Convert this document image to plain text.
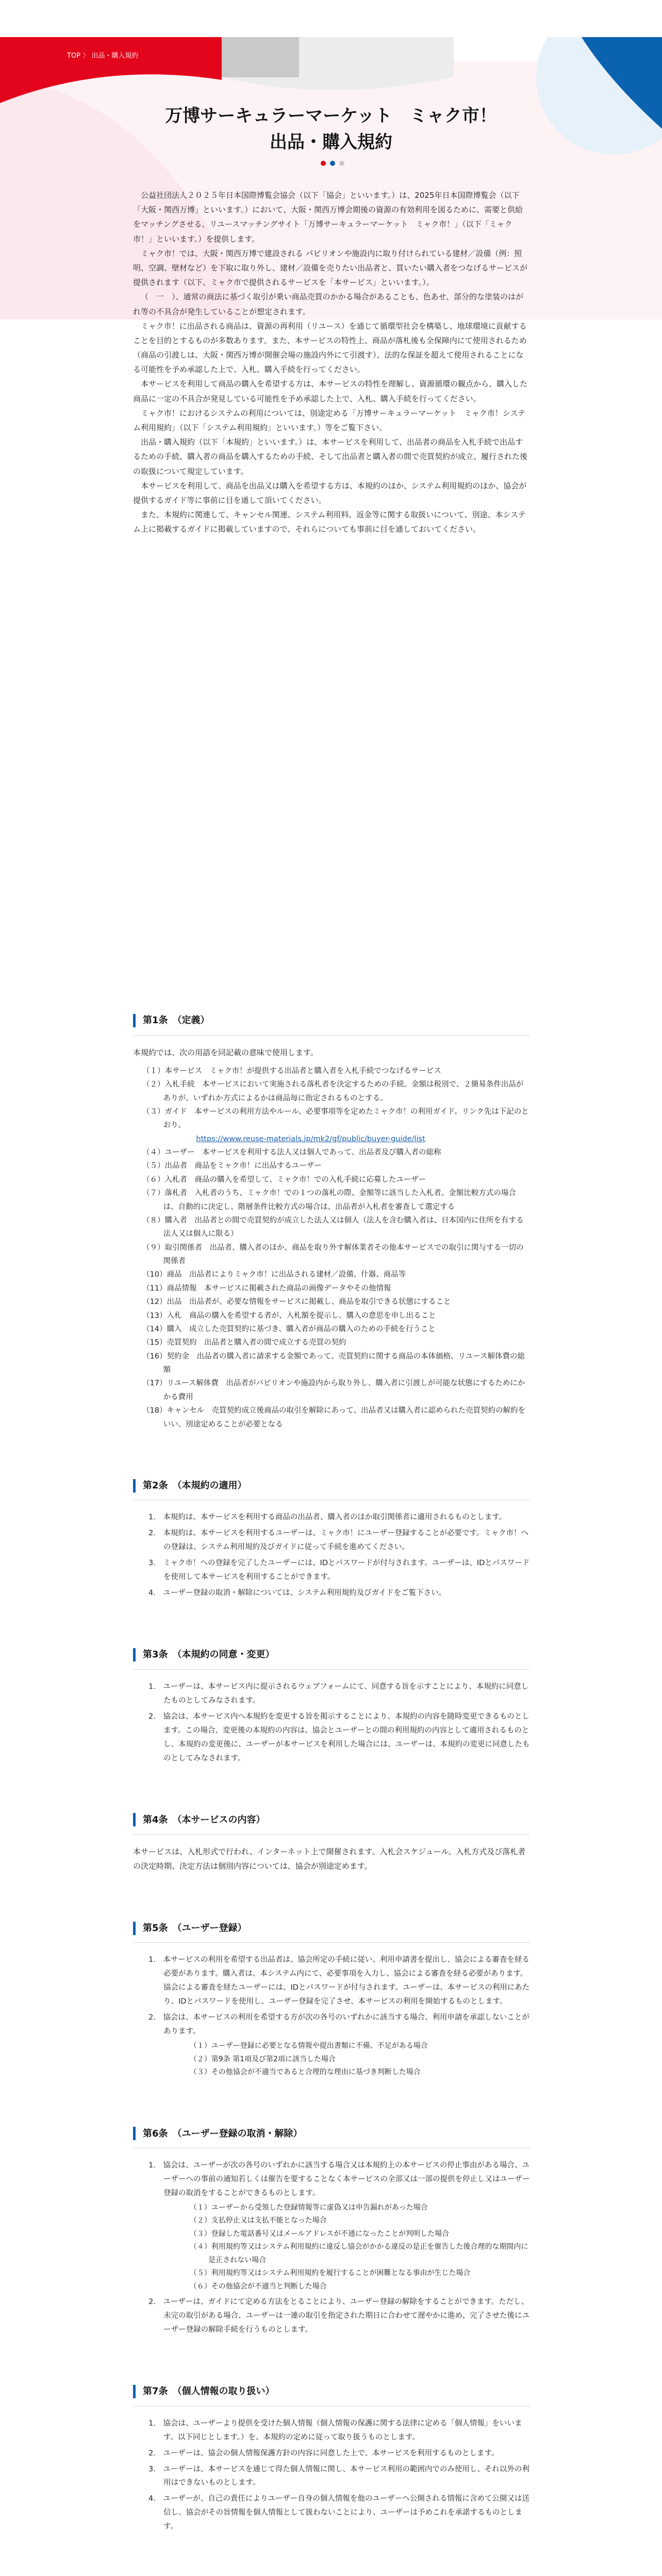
TOP 〉 出品・購入規約
万博サーキュラーマーケット　ミャク市！
出品・購入規約

公益社団法人２０２５年日本国際博覧会協会（以下「協会」といいます。）は、2025年日本国際博覧会（以下「大阪・関西万博」といいます。）において、大阪・関西万博会期後の資源の有効利用を図るために、需要と供給をマッチングさせる、リユースマッチングサイト「万博サーキュラーマーケット　ミャク市！」（以下「ミャク市！」といいます。）を提供します。

ミャク市！では、大阪・関西万博で建設される パビリオンや施設内に取り付けられている建材／設備（例：照明、空調、壁材など）を下取に取り外し、建材／設備を売りたい出品者と、買いたい購入者をつなげるサービスが提供されます（以下、ミャク市で提供されるサービスを「本サービス」といいます。）。

（　一　）、通常の商法に基づく取引が乗い商品売買のかかる場合があることも、色あせ、部分的な塗装のはがれ等の不具合が発生していることが想定されます。

ミャク市！に出品される商品は、資源の再利用（リユース）を通じて循環型社会を構築し、地球環境に貢献することを目的とするものが多数あります。また、本サービスの特性上、商品が落札後も全保障内にて使用されるため（商品の引渡しは、大阪・関西万博が開催会場の施設内外にて引渡す）、法的な保証を超えて使用されることになる可能性を予め承認した上で、入札、購入手続を行ってください。

本サービスを利用して商品の購入を希望する方は、本サービスの特性を理解し、資源循環の観点から、購入した商品に一定の不具合が発見している可能性を予め承認した上で、入札、購入手続を行ってください。

ミャク市！におけるシステムの利用については、別途定める「万博サーキュラーマーケット　ミャク市！システム利用規約」（以下「システム利用規約」といいます。）等をご覧下さい。

出品・購入規約（以下「本規約」といいます。）は、本サービスを利用して、出品者の商品を入札手続で出品するための手続、購入者の商品を購入するための手続、そして出品者と購入者の間で売買契約が成立、履行された後の取扱について規定しています。

本サービスを利用して、商品を出品又は購入を希望する方は、本規約のほか、システム利用規約のほか、協会が提供するガイド等に事前に目を通して頂いてください。

また、本規約に関連して、キャンセル関連、システム利用料、返金等に関する取扱いについて、別途、本システム上に掲載するガイドに掲載していますので、それらについても事前に目を通しておいてください。

第1条　（定義）

本規約では、次の用語を同記載の意味で使用します。

（１）本サービス　ミャク市！が提供する出品者と購入者を入札手続でつなげるサービス
（２）入札手続　本サービスにおいて実施される落札者を決定するための手続。金額は税別で、２簡易条件出品がありが、いずれか方式によるかは商品毎に指定されるものとする。
（３）ガイド　本サービスの利用方法やルール、必要事項等を定めたミャク市！の利用ガイド。リンク先は下記のとおり。
https://www.reuse-materials.jp/mk2/gf/public/buyer-guide/list
（４）ユーザー　本サービスを利用する法人又は個人であって、出品者及び購入者の総称
（５）出品者　商品をミャク市！に出品するユーザー
（６）入札者　商品の購入を希望して、ミャク市！での入札手続に応募したユーザー
（７）落札者　入札者のうち、ミャク市！での１つの落札の際、金額等に該当した入札者。金額比較方式の場合は、自動的に決定し、階層条件比較方式の場合は、出品者が入札者を審査して選定する
（８）購入者　出品者との間で売買契約が成立した法人又は個人（法人を含む購入者は、日本国内に住所を有する法人又は個人に限る）
（９）取引関係者　出品者、購入者のほか、商品を取り外す解体業者その他本サービスでの取引に関与する一切の関係者
（10）商品　出品者によりミャク市！に出品される建材／設備、什器、商品等
（11）商品情報　本サービスに掲載された商品の画像データやその他情報
（12）出品　出品者が、必要な情報をサービスに掲載し、商品を取引できる状態にすること
（13）入札　商品の購入を希望する者が、入札額を提示し、購入の意思を申し出ること
（14）購入　成立した売買契約に基づき、購入者が商品の購入のための手続を行うこと
（15）売買契約　出品者と購入者の間で成立する売買の契約
（16）契約金　出品者の購入者に請求する金額であって、売買契約に関する商品の本体価格、リユース解体費の総額
（17）リユース解体費　出品者がパビリオンや施設内から取り外し、購入者に引渡しが可能な状態にするためにかかる費用
（18）キャンセル　売買契約成立後商品の取引を解除にあって、出品者又は購入者に認められた売買契約の解約をいい、別途定めることが必要となる
第2条　（本規約の適用）
1.　本規約は、本サービスを利用する商品の出品者、購入者のほか取引関係者に適用されるものとします。
2.　本規約は、本サービスを利用するユーザーは、ミャク市！にユーザー登録することが必要です。ミャク市！への登録は、システム利用規約及びガイドに従って手続を進めてください。
3.　ミャク市！への登録を完了したユーザーには、IDとパスワードが付与されます。ユーザーは、IDとパスワードを使用して本サービスを利用することができます。
4.　ユーザー登録の取消・解除については、システム利用規約及びガイドをご覧下さい。
第3条　（本規約の同意・変更）
1.　ユーザーは、本サービス内に提示されるウェブフォームにて、同意する旨を示すことにより、本規約に同意したものとしてみなされます。
2.　協会は、本サービス内へ本規約を変更する旨を掲示することにより、本規約の内容を随時変更できるものとします。この場合、変更後の本規約の内容は、協会とユーザーとの間の利用規約の内容として適用されるものとし、本規約の変更後に、ユーザーが本サービスを利用した場合には、ユーザーは、本規約の変更に同意したものとしてみなされます。
第4条　（本サービスの内容）

本サービスは、入札形式で行われ、インターネット上で開催されます。入札会スケジュール、入札方式及び落札者の決定時期、決定方法は個別内容については、協会が別途定めます。

第5条　（ユーザー登録）
1.　本サービスの利用を希望する出品者は、協会所定の手続に従い、利用申請書を提出し、協会による審査を経る必要があります。購入者は、本システム内にて、必要事項を入力し、協会による審査を経る必要があります。協会による審査を経たユーザーには、IDとパスワードが付与されます。ユーザーは、本サービスの利用にあたり、IDとパスワードを使用し、ユーザー登録を完了させ、本サービスの利用を開始するものとします。
2.　協会は、本サービスの利用を希望する方が次の各号のいずれかに該当する場合、利用申請を承認しないことがあります。
（１）ユーザー登録に必要となる情報や提出書類に不備、不足がある場合
（２）第9条 第1項及び第2項に該当した場合
（３）その他協会が不適当であると合理的な理由に基づき判断した場合
第6条　（ユーザー登録の取消・解除）
1.　協会は、ユーザーが次の各号のいずれかに該当する場合又は本規約上の本サービスの停止事由がある場合、ユーザーへの事前の通知若しくは催告を要することなく本サービスの全部又は一部の提供を停止し又はユーザー登録の取消をすることができるものとします。
（１）ユーザーから受領した登録情報等に虚偽又は申告漏れがあった場合
（２）支払停止又は支払不能となった場合
（３）登録した電話番号又はメールアドレスが不通になったことが判明した場合
（４）利用規約等又はシステム利用規約に違反し協会がかかる違反の是正を催告した後合理的な期間内に是正されない場合
（５）利用規約等又はシステム利用規約を履行することが困難となる事由が生じた場合
（６）その他協会が不適当と判断した場合
2.　ユーザーは、ガイドにて定める方法をとることにより、ユーザー登録の解除をすることができます。ただし、未完の取引がある場合、ユーザーは一連の取引を指定された期日に合わせて遅やかに進め、完了させた後にユーザー登録の解除手続を行うものとします。
第7条　（個人情報の取り扱い）
1.　協会は、ユーザーより提供を受けた個人情報（個人情報の保護に関する法律に定める「個人情報」をいいます。以下同じとします。）を、本規約の定めに従って取り扱うものとします。
2.　ユーザーは、協会の個人情報保護方針の内容に同意した上で、本サービスを利用するものとします。
3.　ユーザーは、本サービスを通じて得た個人情報に関し、本サービス利用の範囲内でのみ使用し、それ以外の利用はできないものとします。
4.　ユーザーが、自己の責任によりユーザー自身の個人情報を他のユーザーへ公開される情報に含めて公開又は送信し、協会がその旨情報を個人情報として扱わないことにより、ユーザーは予めこれを承諾するものとします。
